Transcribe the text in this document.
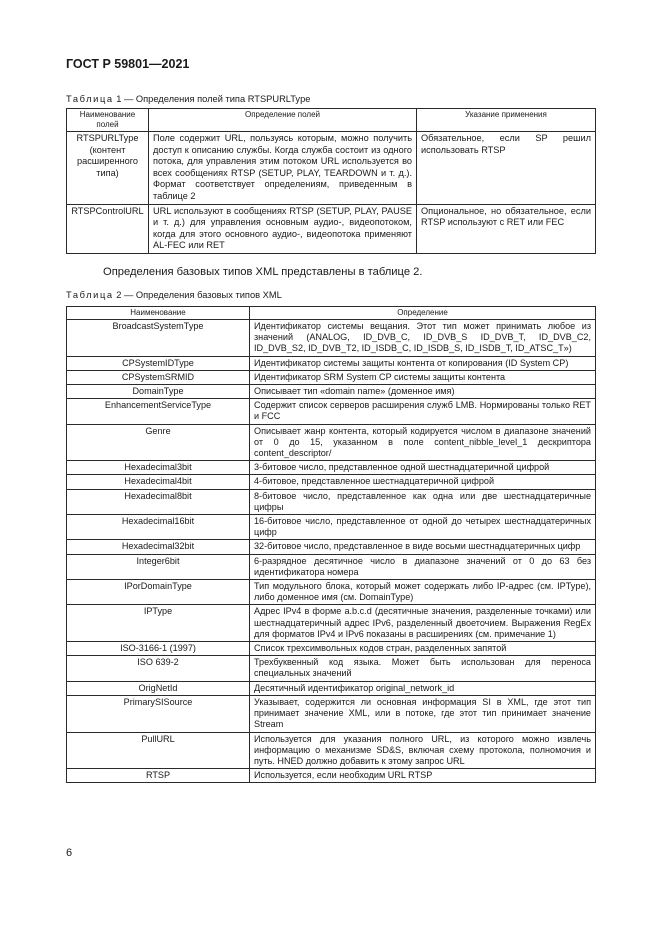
ГОСТ Р 59801—2021
Таблица 1 — Определения полей типа RTSPURLType
Наименование полей	Определение полей	Указание применения
RTSPURLType (контент расширенного типа)	Поле содержит URL, пользуясь которым, можно получить доступ к описанию службы. Когда служба состоит из одного потока, для управления этим потоком URL используется во всех сообщениях RTSP (SETUP, PLAY, TEARDOWN и т. д.). Формат соответствует определениям, приведенным в таблице 2	Обязательное, если SP решил использовать RTSP
RTSPControlURL	URL используют в сообщениях RTSP (SETUP, PLAY, PAUSE и т. д.) для управления основным аудио-, видеопотоком, когда для этого основного аудио-, видеопотока применяют AL-FEC или RET	Опциональное, но обязательное, если RTSP используют с RET или FEC
Определения базовых типов XML представлены в таблице 2.
Таблица 2 — Определения базовых типов XML
Наименование	Определение
BroadcastSystemType	Идентификатор системы вещания. Этот тип может принимать любое из значений (ANALOG, ID_DVB_C, ID_DVB_S ID_DVB_T, ID_DVB_C2, ID_DVB_S2, ID_DVB_T2, ID_ISDB_C, ID_ISDB_S, ID_ISDB_T, ID_ATSC_T»)
CPSystemIDType	Идентификатор системы защиты контента от копирования (ID System CP)
CPSystemSRMID	Идентификатор SRM System CP системы защиты контента
DomainType	Описывает тип «domain name» (доменное имя)
EnhancementServiceType	Содержит список серверов расширения служб LMB. Нормированы только RET и FCC
Genre	Описывает жанр контента, который кодируется числом в диапазоне значений от 0 до 15, указанном в поле content_nibble_level_1 дескриптора content_descriptor/
Hexadecimal3bit	3-битовое число, представленное одной шестнадцатеричной цифрой
Hexadecimal4bit	4-битовое, представленное шестнадцатеричной цифрой
Hexadecimal8bit	8-битовое число, представленное как одна или две шестнадцатеричные цифры
Hexadecimal16bit	16-битовое число, представленное от одной до четырех шестнадцатеричных цифр
Hexadecimal32bit	32-битовое число, представленное в виде восьми шестнадцатеричных цифр
Integer6bit	6-разрядное десятичное число в диапазоне значений от 0 до 63 без идентификатора номера
IPorDomainType	Тип модульного блока, который может содержать либо IP-адрес (см. IPType), либо доменное имя (см. DomainType)
IPType	Адрес IPv4 в форме a.b.c.d (десятичные значения, разделенные точками) или шестнадцатеричный адрес IPv6, разделенный двоеточием. Выражения RegEx для форматов IPv4 и IPv6 показаны в расширениях (см. примечание 1)
ISO-3166-1 (1997)	Список трехсимвольных кодов стран, разделенных запятой
ISO 639-2	Трехбуквенный код языка. Может быть использован для переноса специальных значений
OrigNetId	Десятичный идентификатор original_network_id
PrimarySISource	Указывает, содержится ли основная информация SI в XML, где этот тип принимает значение XML, или в потоке, где этот тип принимает значение Stream
PullURL	Используется для указания полного URL, из которого можно извлечь информацию о механизме SD&S, включая схему протокола, полномочия и путь. HNED должно добавить к этому запрос URL
RTSP	Используется, если необходим URL RTSP
6
